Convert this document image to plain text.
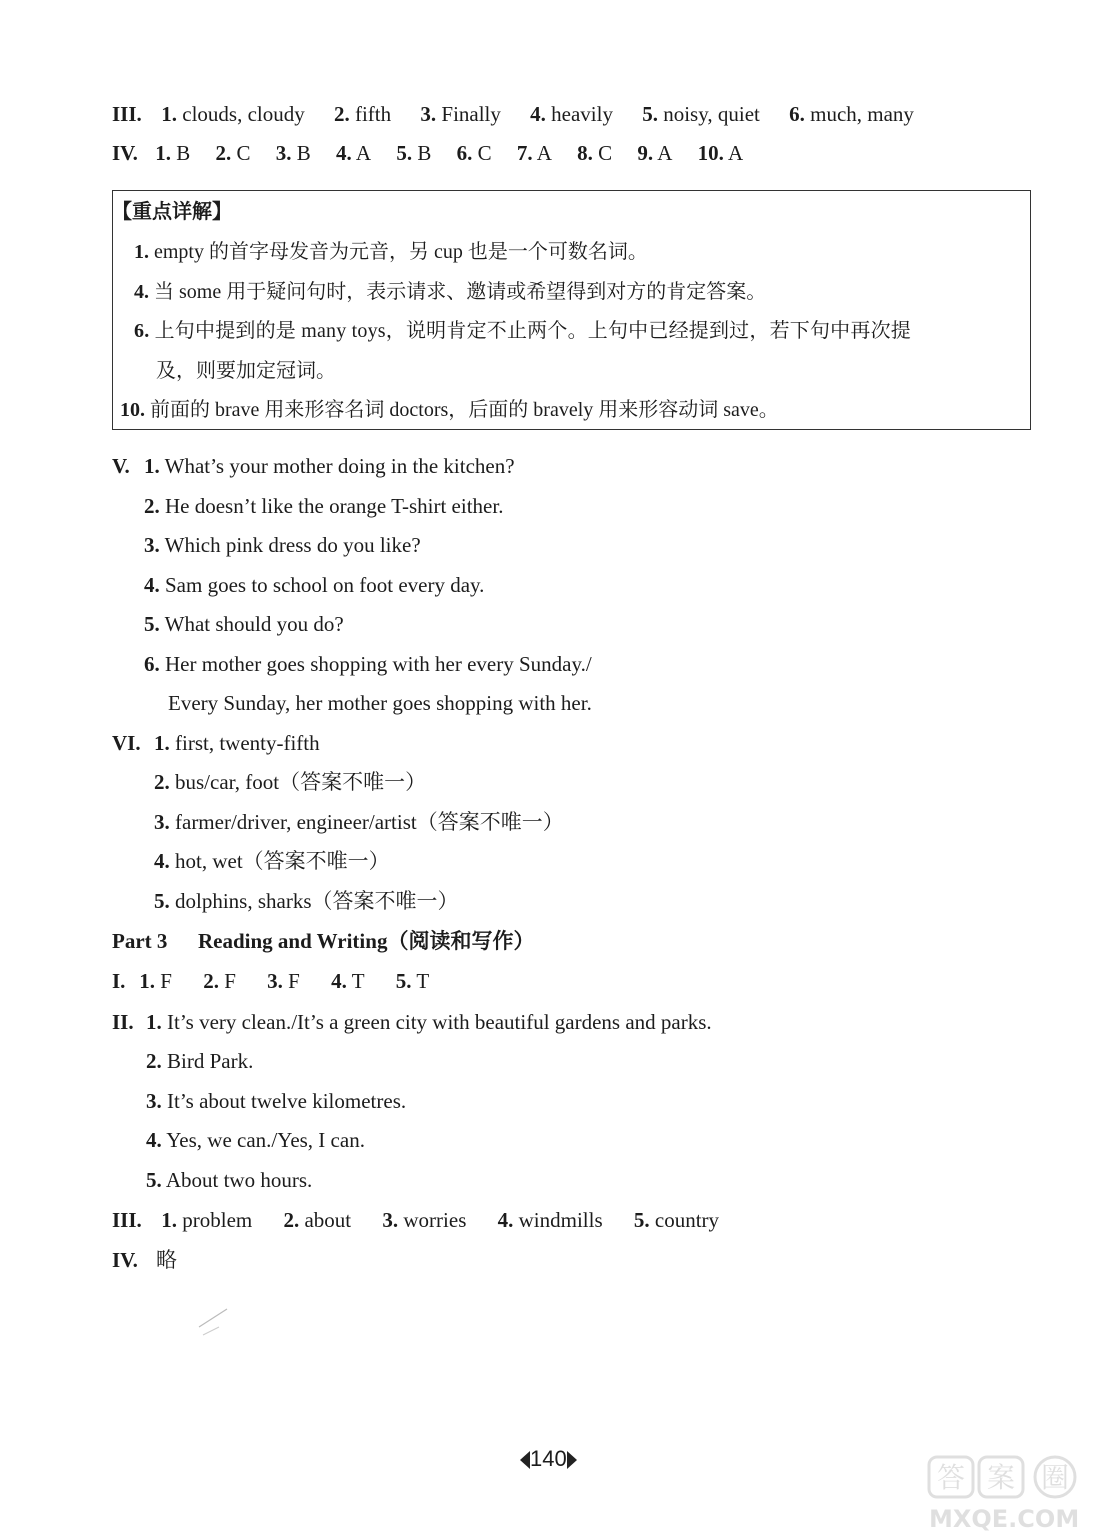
III. 1. clouds, cloudy 2. fifth 3. Finally 4. heavily 5. noisy, quiet 6. much, many
IV. 1. B 2. C 3. B 4. A 5. B 6. C 7. A 8. C 9. A 10. A
【重点详解】
1. empty 的首字母发音为元音，另 cup 也是一个可数名词。
4. 当 some 用于疑问句时，表示请求、邀请或希望得到对方的肯定答案。
6. 上句中提到的是 many toys，说明肯定不止两个。上句中已经提到过，若下句中再次提
及，则要加定冠词。
10. 前面的 brave 用来形容名词 doctors，后面的 bravely 用来形容动词 save。
V. 1. What’s your mother doing in the kitchen?
2. He doesn’t like the orange T-shirt either.
3. Which pink dress do you like?
4. Sam goes to school on foot every day.
5. What should you do?
6. Her mother goes shopping with her every Sunday./
Every Sunday, her mother goes shopping with her.
VI. 1. first, twenty-fifth
2. bus/car, foot（答案不唯一）
3. farmer/driver, engineer/artist（答案不唯一）
4. hot, wet（答案不唯一）
5. dolphins, sharks（答案不唯一）
Part 3 Reading and Writing（阅读和写作）
I. 1. F 2. F 3. F 4. T 5. T
II. 1. It’s very clean./It’s a green city with beautiful gardens and parks.
2. Bird Park.
3. It’s about twelve kilometres.
4. Yes, we can./Yes, I can.
5. About two hours.
III. 1. problem 2. about 3. worries 4. windmills 5. country
IV. 略
140
答 案 圈
MXQE.COM
